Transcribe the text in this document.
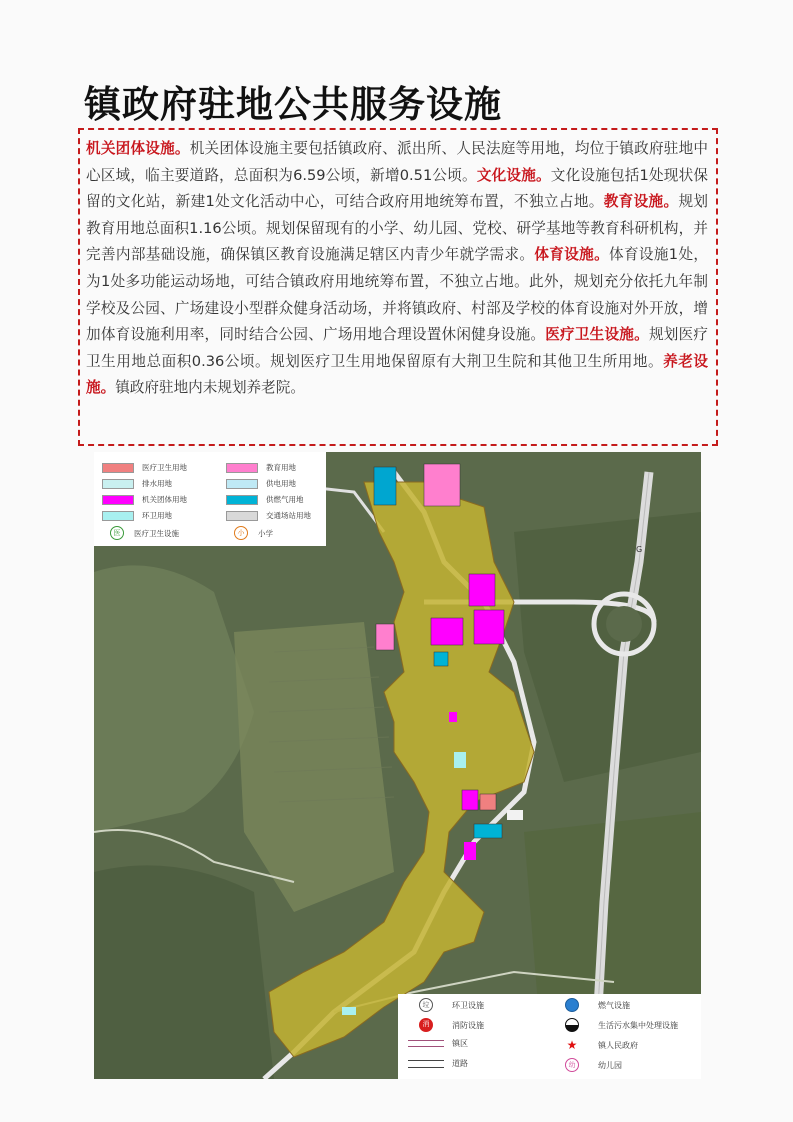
镇政府驻地公共服务设施
机关团体设施。机关团体设施主要包括镇政府、派出所、人民法庭等用地，均位于镇政府驻地中心区域，临主要道路，总面积为6.59公顷，新增0.51公顷。文化设施。文化设施包括1处现状保留的文化站，新建1处文化活动中心，可结合政府用地统筹布置，不独立占地。教育设施。规划教育用地总面积1.16公顷。规划保留现有的小学、幼儿园、党校、研学基地等教育科研机构，并完善内部基础设施，确保镇区教育设施满足辖区内青少年就学需求。体育设施。体育设施1处，为1处多功能运动场地，可结合镇政府用地统筹布置，不独立占地。此外，规划充分依托九年制学校及公园、广场建设小型群众健身活动场，并将镇政府、村部及学校的体育设施对外开放，增加体育设施利用率，同时结合公园、广场用地合理设置休闲健身设施。医疗卫生设施。规划医疗卫生用地总面积0.36公顷。规划医疗卫生用地保留原有大荆卫生院和其他卫生所用地。养老设施。镇政府驻地内未规划养老院。
G
医疗卫生用地	教育用地
排水用地	供电用地
机关团体用地	供燃气用地
环卫用地	交通场站用地
医	医疗卫生设施	小	小学
垃	环卫设施	燃气设施
消	消防设施	生活污水集中处理设施
镇区	★	镇人民政府
道路	幼	幼儿园
